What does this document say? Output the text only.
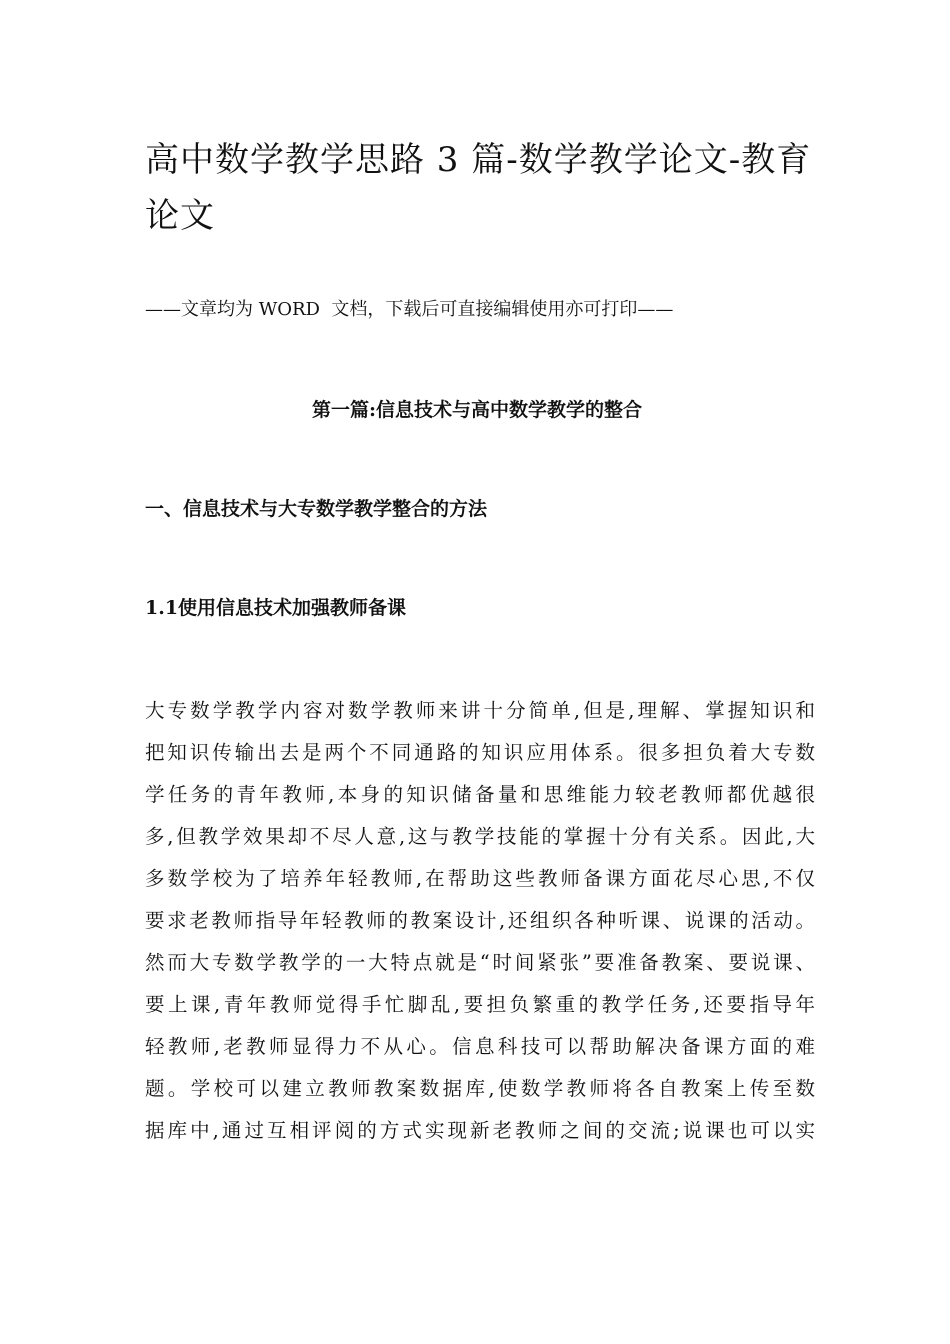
高中数学教学思路 3 篇-数学教学论文-教育论文

——文章均为 WORD  文档，下载后可直接编辑使用亦可打印——

第一篇:信息技术与高中数学教学的整合
一、信息技术与大专数学教学整合的方法
1.1使用信息技术加强教师备课

大专数学教学内容对数学教师来讲十分简单,但是,理解、掌握知识和
把知识传输出去是两个不同通路的知识应用体系。很多担负着大专数
学任务的青年教师,本身的知识储备量和思维能力较老教师都优越很
多,但教学效果却不尽人意,这与教学技能的掌握十分有关系。因此,大
多数学校为了培养年轻教师,在帮助这些教师备课方面花尽心思,不仅
要求老教师指导年轻教师的教案设计,还组织各种听课、说课的活动。
然而大专数学教学的一大特点就是“时间紧张”要准备教案、要说课、
要上课,青年教师觉得手忙脚乱,要担负繁重的教学任务,还要指导年
轻教师,老教师显得力不从心。信息科技可以帮助解决备课方面的难
题。学校可以建立教师教案数据库,使数学教师将各自教案上传至数
据库中,通过互相评阅的方式实现新老教师之间的交流;说课也可以实
